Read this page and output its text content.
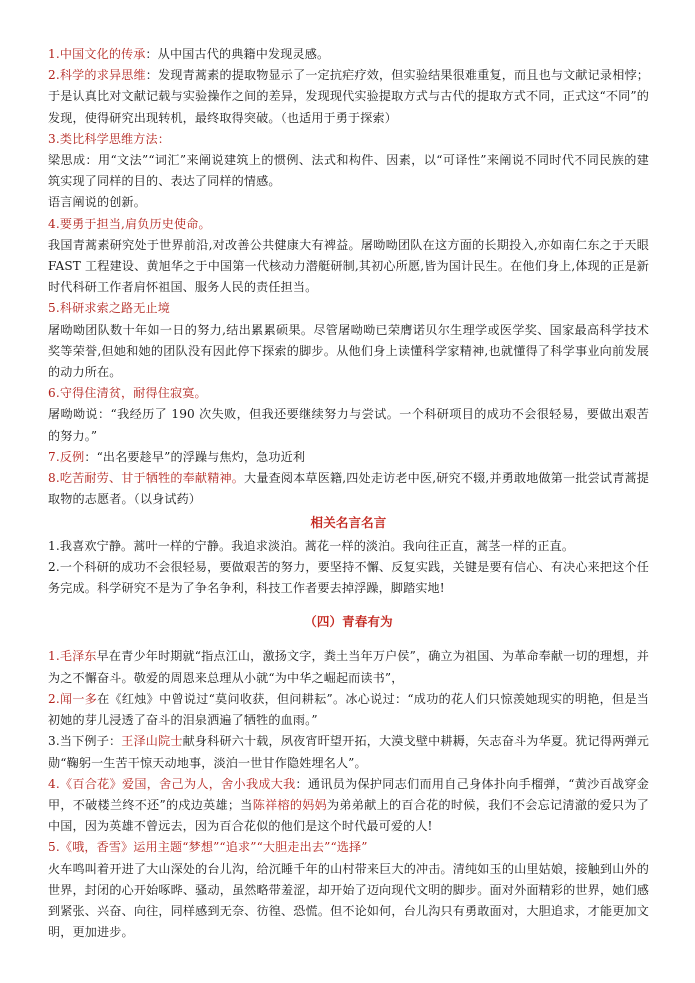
1.中国文化的传承：从中国古代的典籍中发现灵感。

2.科学的求异思维：发现青蒿素的提取物显示了一定抗疟疗效，但实验结果很难重复，而且也与文献记录相悖；于是认真比对文献记载与实验操作之间的差异，发现现代实验提取方式与古代的提取方式不同，正式这“不同”的发现，使得研究出现转机，最终取得突破。（也适用于勇于探索）

3.类比科学思维方法：

梁思成：用“文法”“词汇”来阐说建筑上的惯例、法式和构件、因素，以“可译性”来阐说不同时代不同民族的建筑实现了同样的目的、表达了同样的情感。

语言阐说的创新。

4.要勇于担当,肩负历史使命。

我国青蒿素研究处于世界前沿,对改善公共健康大有裨益。屠呦呦团队在这方面的长期投入,亦如南仁东之于天眼 FAST 工程建设、黄旭华之于中国第一代核动力潜艇研制,其初心所愿,皆为国计民生。在他们身上,体现的正是新时代科研工作者肩怀祖国、服务人民的责任担当。

5.科研求索之路无止境

屠呦呦团队数十年如一日的努力,结出累累硕果。尽管屠呦呦已荣膺诺贝尔生理学或医学奖、国家最高科学技术奖等荣誉,但她和她的团队没有因此停下探索的脚步。从他们身上读懂科学家精神,也就懂得了科学事业向前发展的动力所在。

6.守得住清贫，耐得住寂寞。

屠呦呦说：“我经历了 190 次失败，但我还要继续努力与尝试。一个科研项目的成功不会很轻易，要做出艰苦的努力。”

7.反例：“出名要趁早”的浮躁与焦灼，急功近利

8.吃苦耐劳、甘于牺牲的奉献精神。大量查阅本草医籍,四处走访老中医,研究不辍,并勇敢地做第一批尝试青蒿提取物的志愿者。（以身试药）

相关名言名言

1.我喜欢宁静。蒿叶一样的宁静。我追求淡泊。蒿花一样的淡泊。我向往正直，蒿茎一样的正直。

2.一个科研的成功不会很轻易，要做艰苦的努力，要坚持不懈、反复实践，关键是要有信心、有决心来把这个任务完成。科学研究不是为了争名争利，科技工作者要去掉浮躁，脚踏实地!

（四）青春有为

1.毛泽东早在青少年时期就“指点江山，激扬文字，粪土当年万户侯”，确立为祖国、为革命奉献一切的理想，并为之不懈奋斗。敬爱的周恩来总理从小就“为中华之崛起而读书”，

2.闻一多在《红烛》中曾说过“莫问收获，但问耕耘”。冰心说过：“成功的花人们只惊羡她现实的明艳，但是当初她的芽儿浸透了奋斗的泪泉洒遍了牺牲的血雨。”

3.当下例子：王泽山院士献身科研六十载，夙夜宵旰望开拓，大漠戈壁中耕耨，矢志奋斗为华夏。犹记得两弹元勋“鞠躬一生苦干惊天动地事，淡泊一世甘作隐姓埋名人”。

4.《百合花》爱国，舍己为人，舍小我成大我：通讯员为保护同志们而用自己身体扑向手榴弹，“黄沙百战穿金甲，不破楼兰终不还”的戍边英雄；当陈祥榕的妈妈为弟弟献上的百合花的时候，我们不会忘记清澈的爱只为了中国，因为英雄不曾远去，因为百合花似的他们是这个时代最可爱的人!

5.《哦，香雪》运用主题“梦想”“追求”“大胆走出去”“选择”

火车鸣叫着开进了大山深处的台儿沟，给沉睡千年的山村带来巨大的冲击。清纯如玉的山里姑娘，接触到山外的世界，封闭的心开始啄晔、骚动，虽然略带羞涩，却开始了迈向现代文明的脚步。面对外面精彩的世界，她们感到紧张、兴奋、向往，同样感到无奈、彷徨、恐慌。但不论如何，台儿沟只有勇敢面对，大胆追求，才能更加文明，更加进步。
